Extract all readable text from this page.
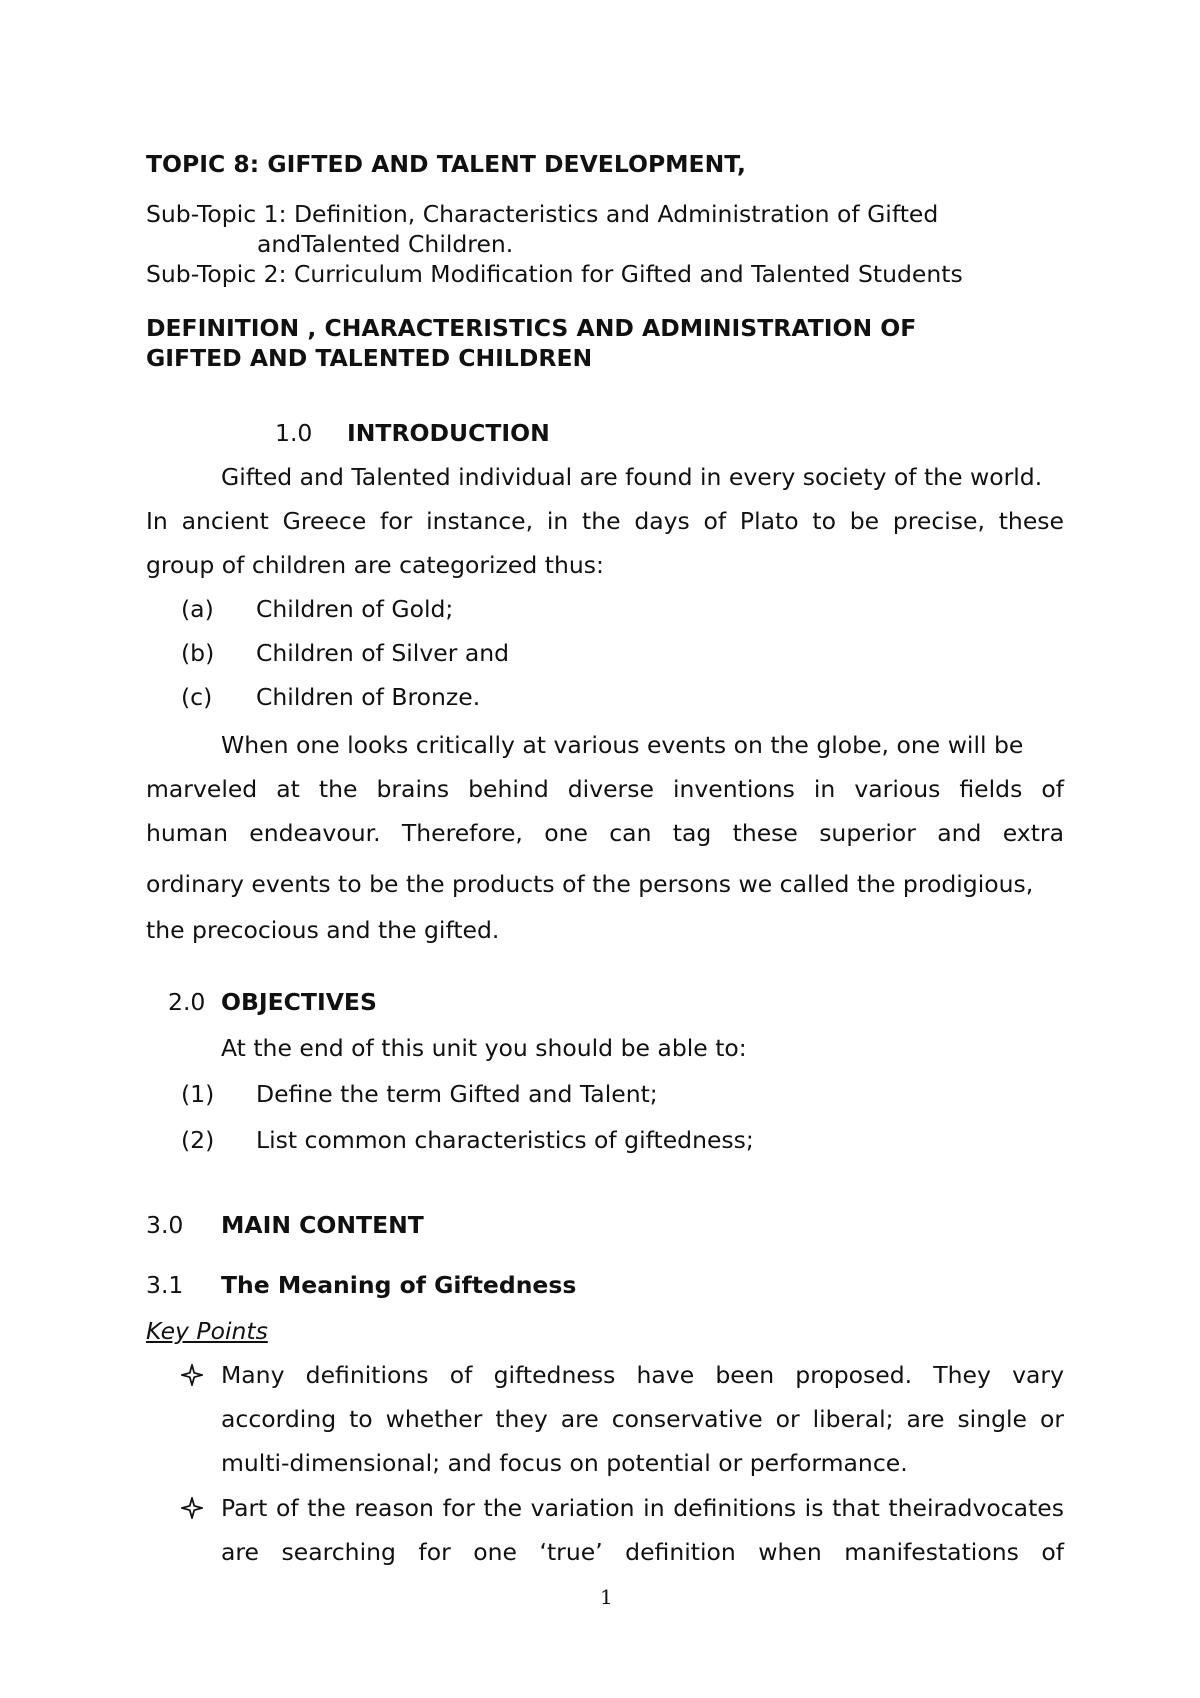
TOPIC 8: GIFTED AND TALENT DEVELOPMENT,
Sub-Topic 1: Definition, Characteristics and Administration of Gifted
andTalented Children.
Sub-Topic 2: Curriculum Modification for Gifted and Talented Students
DEFINITION , CHARACTERISTICS AND ADMINISTRATION OF
GIFTED AND TALENTED CHILDREN
1.0 INTRODUCTION
Gifted and Talented individual are found in every society of the world.
In ancient Greece for instance, in the days of Plato to be precise, these
group of children are categorized thus:
(a) Children of Gold;
(b) Children of Silver and
(c) Children of Bronze.
When one looks critically at various events on the globe, one will be
marveled at the brains behind diverse inventions in various fields of
human endeavour. Therefore, one can tag these superior and extra
ordinary events to be the products of the persons we called the prodigious,
the precocious and the gifted.
2.0 OBJECTIVES
At the end of this unit you should be able to:
(1) Define the term Gifted and Talent;
(2) List common characteristics of giftedness;
3.0 MAIN CONTENT
3.1 The Meaning of Giftedness
Key Points
Many definitions of giftedness have been proposed. They vary
according to whether they are conservative or liberal; are single or
multi-dimensional; and focus on potential or performance.
Part of the reason for the variation in definitions is that theiradvocates
are searching for one ‘true’ definition when manifestations of
1
